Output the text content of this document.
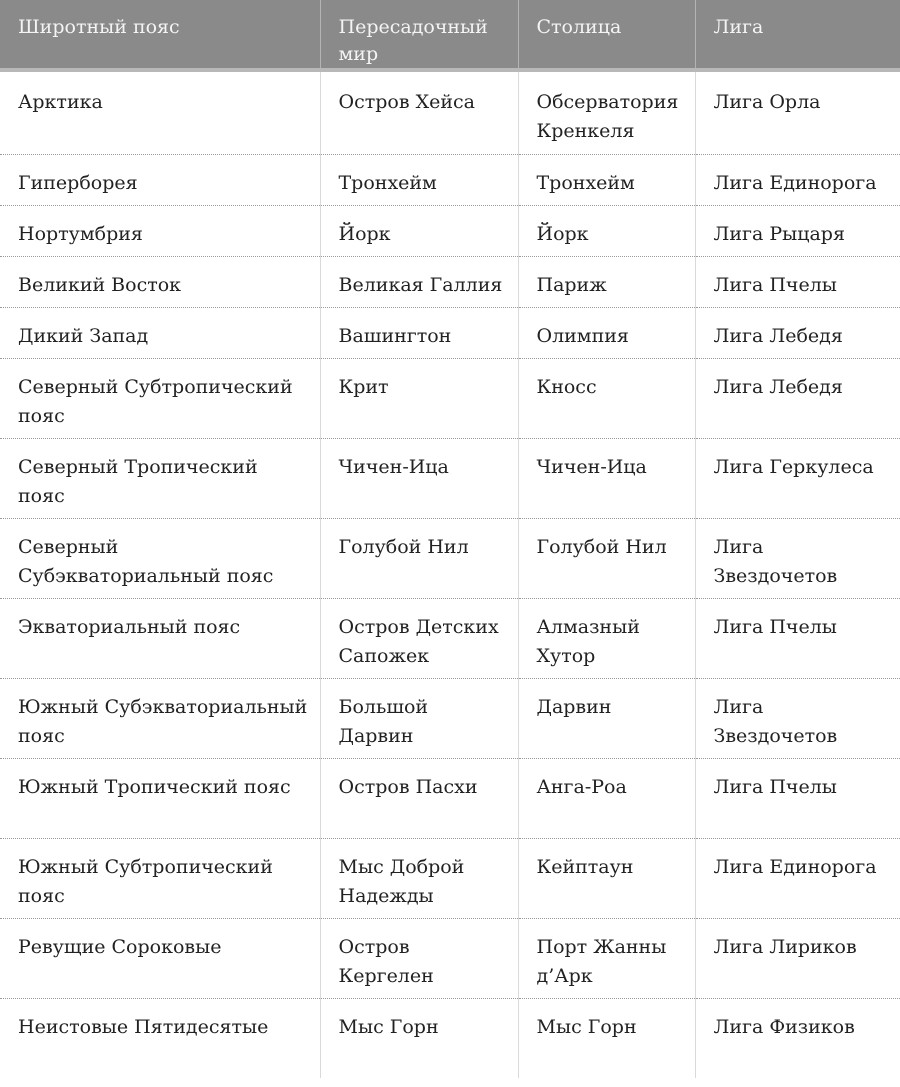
Широтный пояс	Пересадочный мир	Столица	Лига
Арктика	Остров Хейса	Обсерватория Кренкеля	Лига Орла
Гиперборея	Тронхейм	Тронхейм	Лига Единорога
Нортумбрия	Йорк	Йорк	Лига Рыцаря
Великий Восток	Великая Галлия	Париж	Лига Пчелы
Дикий Запад	Вашингтон	Олимпия	Лига Лебедя
Северный Субтропический пояс	Крит	Кносс	Лига Лебедя
Северный Тропический пояс	Чичен-Ица	Чичен-Ица	Лига Геркулеса
Северный Субэкваториальный пояс	Голубой Нил	Голубой Нил	Лига Звездочетов
Экваториальный пояс	Остров Детских Сапожек	Алмазный Хутор	Лига Пчелы
Южный Субэкваториальный пояс	Большой Дарвин	Дарвин	Лига Звездочетов
Южный Тропический пояс	Остров Пасхи	Анга-Роа	Лига Пчелы
Южный Субтропический пояс	Мыс Доброй Надежды	Кейптаун	Лига Единорога
Ревущие Сороковые	Остров Кергелен	Порт Жанны д’Арк	Лига Лириков
Неистовые Пятидесятые	Мыс Горн	Мыс Горн	Лига Физиков
